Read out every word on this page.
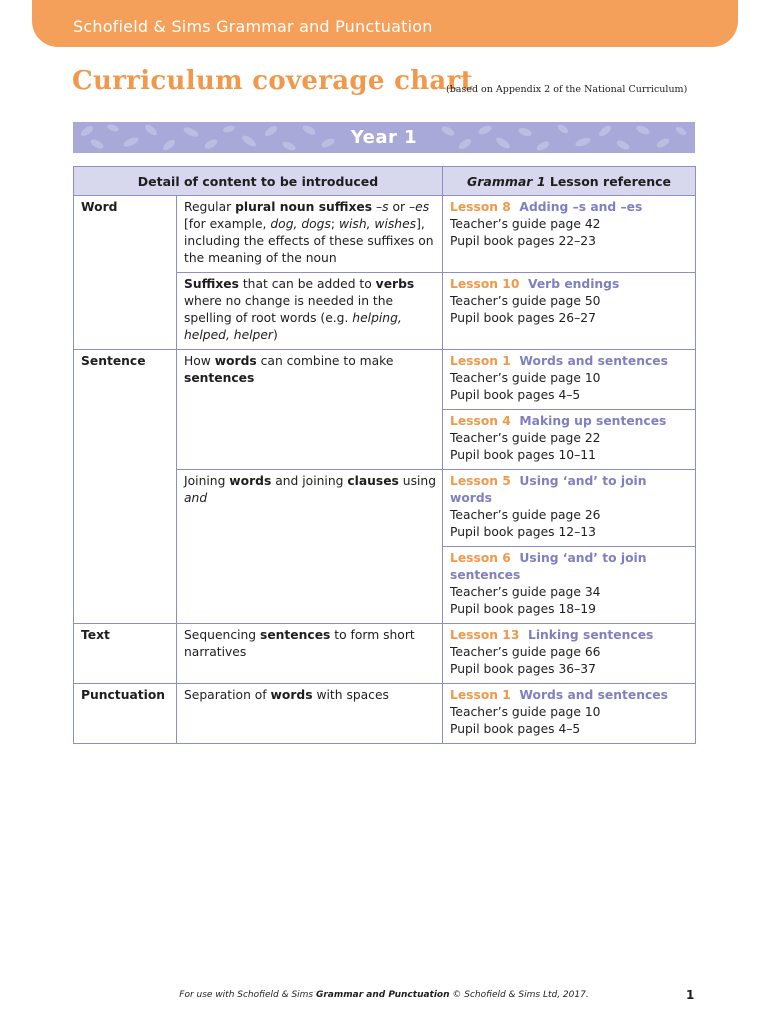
Schofield & Sims Grammar and Punctuation
Curriculum coverage chart
(based on Appendix 2 of the National Curriculum)
Year 1
Detail of content to be introduced		Grammar 1 Lesson reference
Word	Regular plural noun suffixes –s or –es [for example, dog, dogs; wish, wishes], including the effects of these suffixes on the meaning of the noun	Lesson 8 Adding –s and –es
Teacher’s guide page 42
Pupil book pages 22–23

	Suffixes that can be added to verbs where no change is needed in the spelling of root words (e.g. helping, helped, helper)	Lesson 10 Verb endings
Teacher’s guide page 50
Pupil book pages 26–27

Sentence	How words can combine to make sentences	Lesson 1 Words and sentences
Teacher’s guide page 10
Pupil book pages 4–5

		Lesson 4 Making up sentences
Teacher’s guide page 22
Pupil book pages 10–11

	Joining words and joining clauses using and	Lesson 5 Using ‘and’ to join words
Teacher’s guide page 26
Pupil book pages 12–13

		Lesson 6 Using ‘and’ to join sentences
Teacher’s guide page 34
Pupil book pages 18–19

Text	Sequencing sentences to form short narratives	Lesson 13 Linking sentences
Teacher’s guide page 66
Pupil book pages 36–37

Punctuation	Separation of words with spaces	Lesson 1 Words and sentences
Teacher’s guide page 10
Pupil book pages 4–5
For use with Schofield & Sims Grammar and Punctuation © Schofield & Sims Ltd, 2017.	1
